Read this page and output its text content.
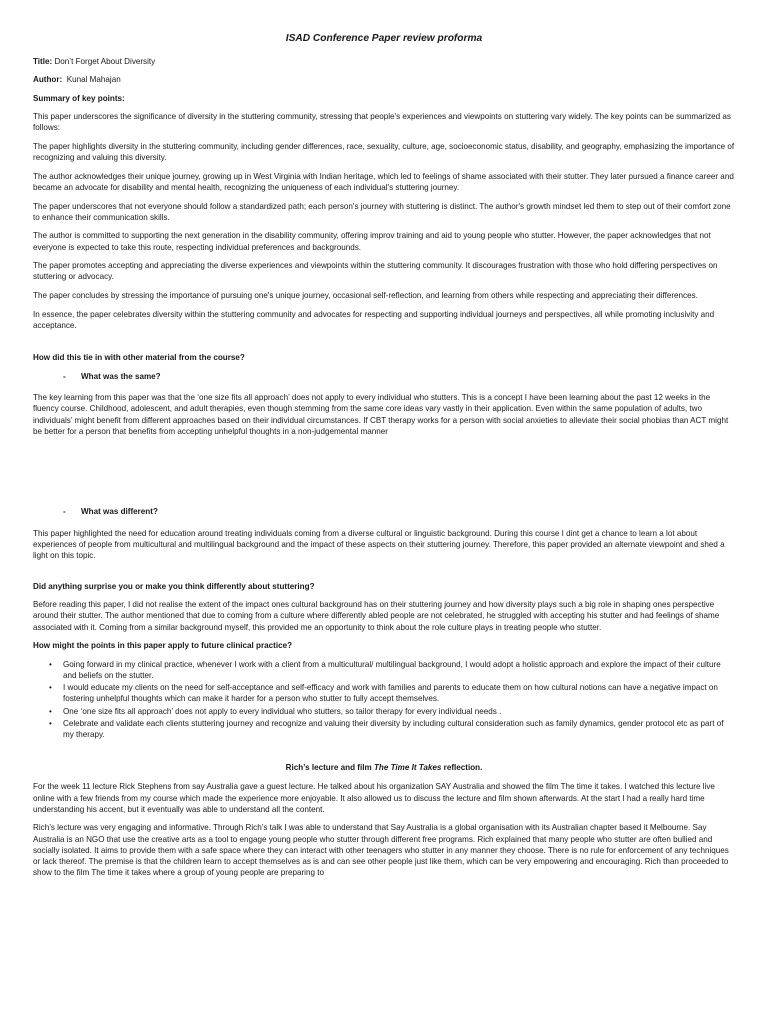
ISAD Conference Paper review proforma
Title: Don’t Forget About Diversity
Author: Kunal Mahajan
Summary of key points:

This paper underscores the significance of diversity in the stuttering community, stressing that people's experiences and viewpoints on stuttering vary widely. The key points can be summarized as follows:

The paper highlights diversity in the stuttering community, including gender differences, race, sexuality, culture, age, socioeconomic status, disability, and geography, emphasizing the importance of recognizing and valuing this diversity.

The author acknowledges their unique journey, growing up in West Virginia with Indian heritage, which led to feelings of shame associated with their stutter. They later pursued a finance career and became an advocate for disability and mental health, recognizing the uniqueness of each individual's stuttering journey.

The paper underscores that not everyone should follow a standardized path; each person's journey with stuttering is distinct. The author's growth mindset led them to step out of their comfort zone to enhance their communication skills.

The author is committed to supporting the next generation in the disability community, offering improv training and aid to young people who stutter. However, the paper acknowledges that not everyone is expected to take this route, respecting individual preferences and backgrounds.

The paper promotes accepting and appreciating the diverse experiences and viewpoints within the stuttering community. It discourages frustration with those who hold differing perspectives on stuttering or advocacy.

The paper concludes by stressing the importance of pursuing one's unique journey, occasional self-reflection, and learning from others while respecting and appreciating their differences.

In essence, the paper celebrates diversity within the stuttering community and advocates for respecting and supporting individual journeys and perspectives, all while promoting inclusivity and acceptance.

How did this tie in with other material from the course?
- What was the same?

The key learning from this paper was that the ‘one size fits all approach’ does not apply to every individual who stutters. This is a concept I have been learning about the past 12 weeks in the fluency course. Childhood, adolescent, and adult therapies, even though stemming from the same core ideas vary vastly in their application. Even within the same population of adults, two individuals’ might benefit from different approaches based on their individual circumstances. If CBT therapy works for a person with social anxieties to alleviate their social phobias than ACT might be better for a person that benefits from accepting unhelpful thoughts in a non-judgemental manner

- What was different?

This paper highlighted the need for education around treating individuals coming from a diverse cultural or linguistic background. During this course I dint get a chance to learn a lot about experiences of people from multicultural and multilingual background and the impact of these aspects on their stuttering journey. Therefore, this paper provided an alternate viewpoint and shed a light on this topic.

Did anything surprise you or make you think differently about stuttering?

Before reading this paper, I did not realise the extent of the impact ones cultural background has on their stuttering journey and how diversity plays such a big role in shaping ones perspective around their stutter. The author mentioned that due to coming from a culture where differently abled people are not celebrated, he struggled with accepting his stutter and had feelings of shame associated with it. Coming from a similar background myself, this provided me an opportunity to think about the role culture plays in treating people who stutter.

How might the points in this paper apply to future clinical practice?
• Going forward in my clinical practice, whenever I work with a client from a multicultural/ multilingual background, I would adopt a holistic approach and explore the impact of their culture and beliefs on the stutter.
• I would educate my clients on the need for self-acceptance and self-efficacy and work with families and parents to educate them on how cultural notions can have a negative impact on fostering unhelpful thoughts which can make it harder for a person who stutter to fully accept themselves.
• One ‘one size fits all approach’ does not apply to every individual who stutters, so tailor therapy for every individual needs .
• Celebrate and validate each clients stuttering journey and recognize and valuing their diversity by including cultural consideration such as family dynamics, gender protocol etc as part of my therapy.
Rich’s lecture and film The Time It Takes reflection.

For the week 11 lecture Rick Stephens from say Australia gave a guest lecture. He talked about his organization SAY Australia and showed the film The time it takes. I watched this lecture live online with a few friends from my course which made the experience more enjoyable. It also allowed us to discuss the lecture and film shown afterwards. At the start I had a really hard time understanding his accent, but it eventually was able to understand all the content.

Rich’s lecture was very engaging and informative. Through Rich’s talk I was able to understand that Say Australia is a global organisation with its Australian chapter based it Melbourne. Say Australia is an NGO that use the creative arts as a tool to engage young people who stutter through different free programs. Rich explained that many people who stutter are often bullied and socially isolated. It aims to provide them with a safe space where they can interact with other teenagers who stutter in any manner they choose. There is no rule for enforcement of any techniques or lack thereof. The premise is that the children learn to accept themselves as is and can see other people just like them, which can be very empowering and encouraging. Rich than proceeded to show to the film The time it takes where a group of young people are preparing to
